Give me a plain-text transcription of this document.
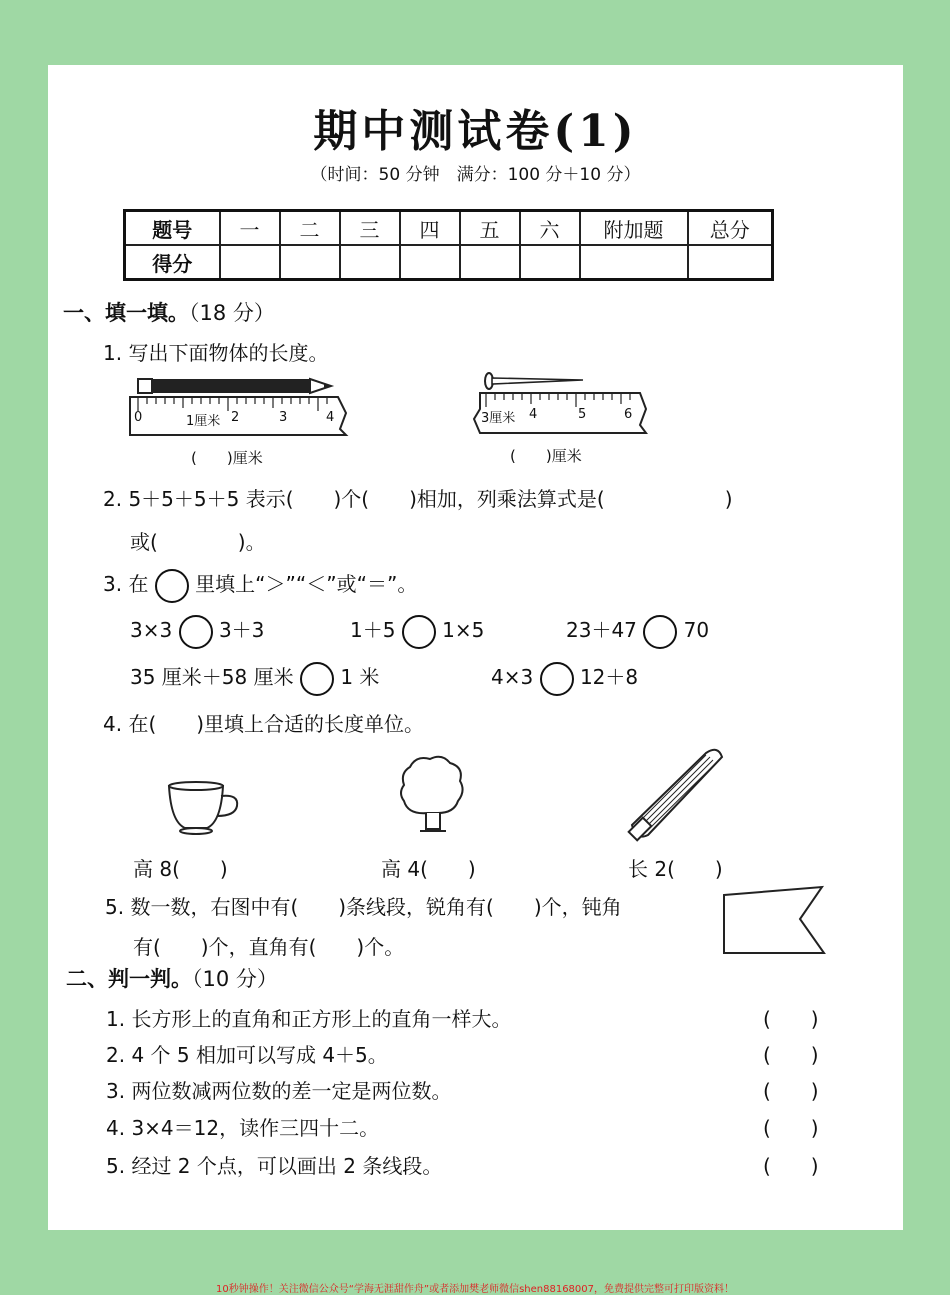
期中测试卷(1)
（时间：50 分钟　满分：100 分＋10 分）
题号	一	二	三	四	五	六	附加题	总分
得分								
一、填一填。（18 分）
1. 写出下面物体的长度。
0	1厘米 2	3	4
(　　)厘米
3厘米 4	5	6
(　　)厘米
2. 5＋5＋5＋5 表示(　　)个(　　)相加，列乘法算式是(　　　　　　)
或(　　　　)。
3. 在 里填上“＞”“＜”或“＝”。
3×3 3＋3	1＋5 1×5	23＋47 70
35 厘米＋58 厘米 1 米	4×3 12＋8
4. 在(　　)里填上合适的长度单位。
高 8(　　)	高 4(　　)	长 2(　　)
5. 数一数，右图中有(　　)条线段，锐角有(　　)个，钝角
有(　　)个，直角有(　　)个。
二、判一判。（10 分）
1. 长方形上的直角和正方形上的直角一样大。	(　　)
2. 4 个 5 相加可以写成 4＋5。	(　　)
3. 两位数减两位数的差一定是两位数。	(　　)
4. 3×4＝12，读作三四十二。	(　　)
5. 经过 2 个点，可以画出 2 条线段。	(　　)
10秒钟操作！关注微信公众号“学海无涯甜作舟”或者添加樊老师微信shen88168007，免费提供完整可打印版资料！
